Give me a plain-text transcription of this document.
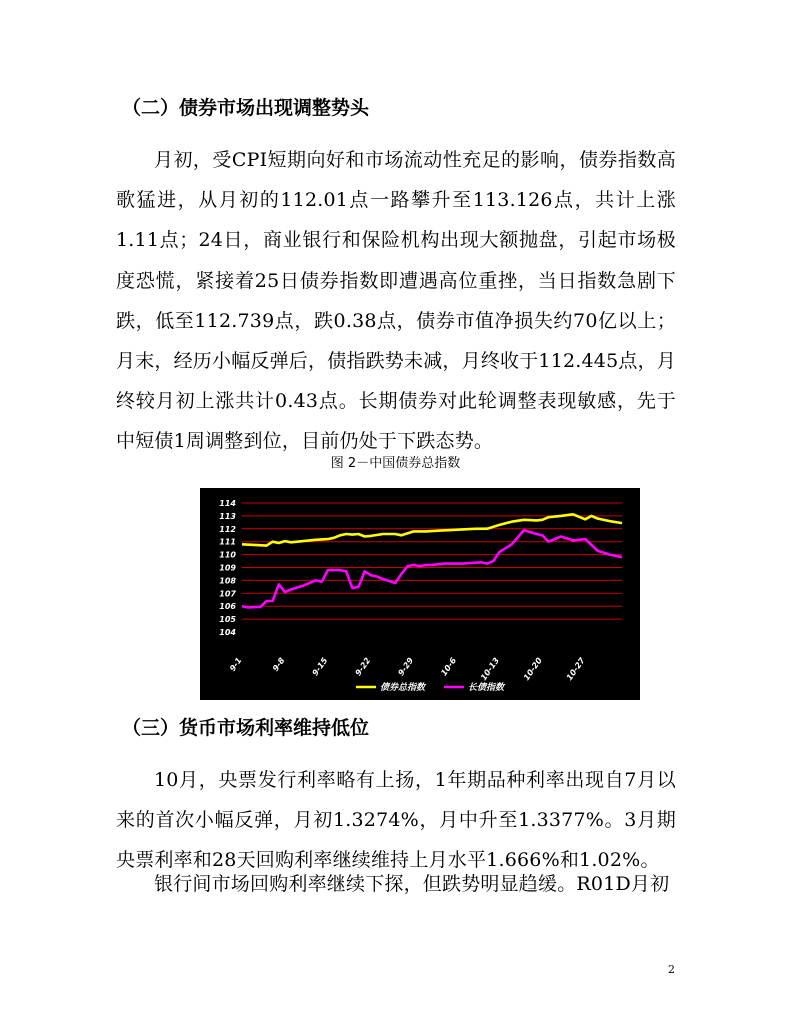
（二）债券市场出现调整势头

月初，受CPI短期向好和市场流动性充足的影响，债券指数高歌猛进，从月初的112.01点一路攀升至113.126点，共计上涨1.11点；24日，商业银行和保险机构出现大额抛盘，引起市场极度恐慌，紧接着25日债券指数即遭遇高位重挫，当日指数急剧下跌，低至112.739点，跌0.38点，债券市值净损失约70亿以上；月末，经历小幅反弹后，债指跌势未减，月终收于112.445点，月终较月初上涨共计0.43点。长期债券对此轮调整表现敏感，先于中短债1周调整到位，目前仍处于下跌态势。

图 2－中国债券总指数

104
105
106
107
108
109
110
111
112
113
114
9-1	9-8	9-15	9-22	9-29	10-6	10-13	10-20	10-27
债券总指数	长债指数
（三）货币市场利率维持低位

10月，央票发行利率略有上扬，1年期品种利率出现自7月以来的首次小幅反弹，月初1.3274%，月中升至1.3377%。3月期央票利率和28天回购利率继续维持上月水平1.666%和1.02%。

银行间市场回购利率继续下探，但跌势明显趋缓。R01D月初

2
